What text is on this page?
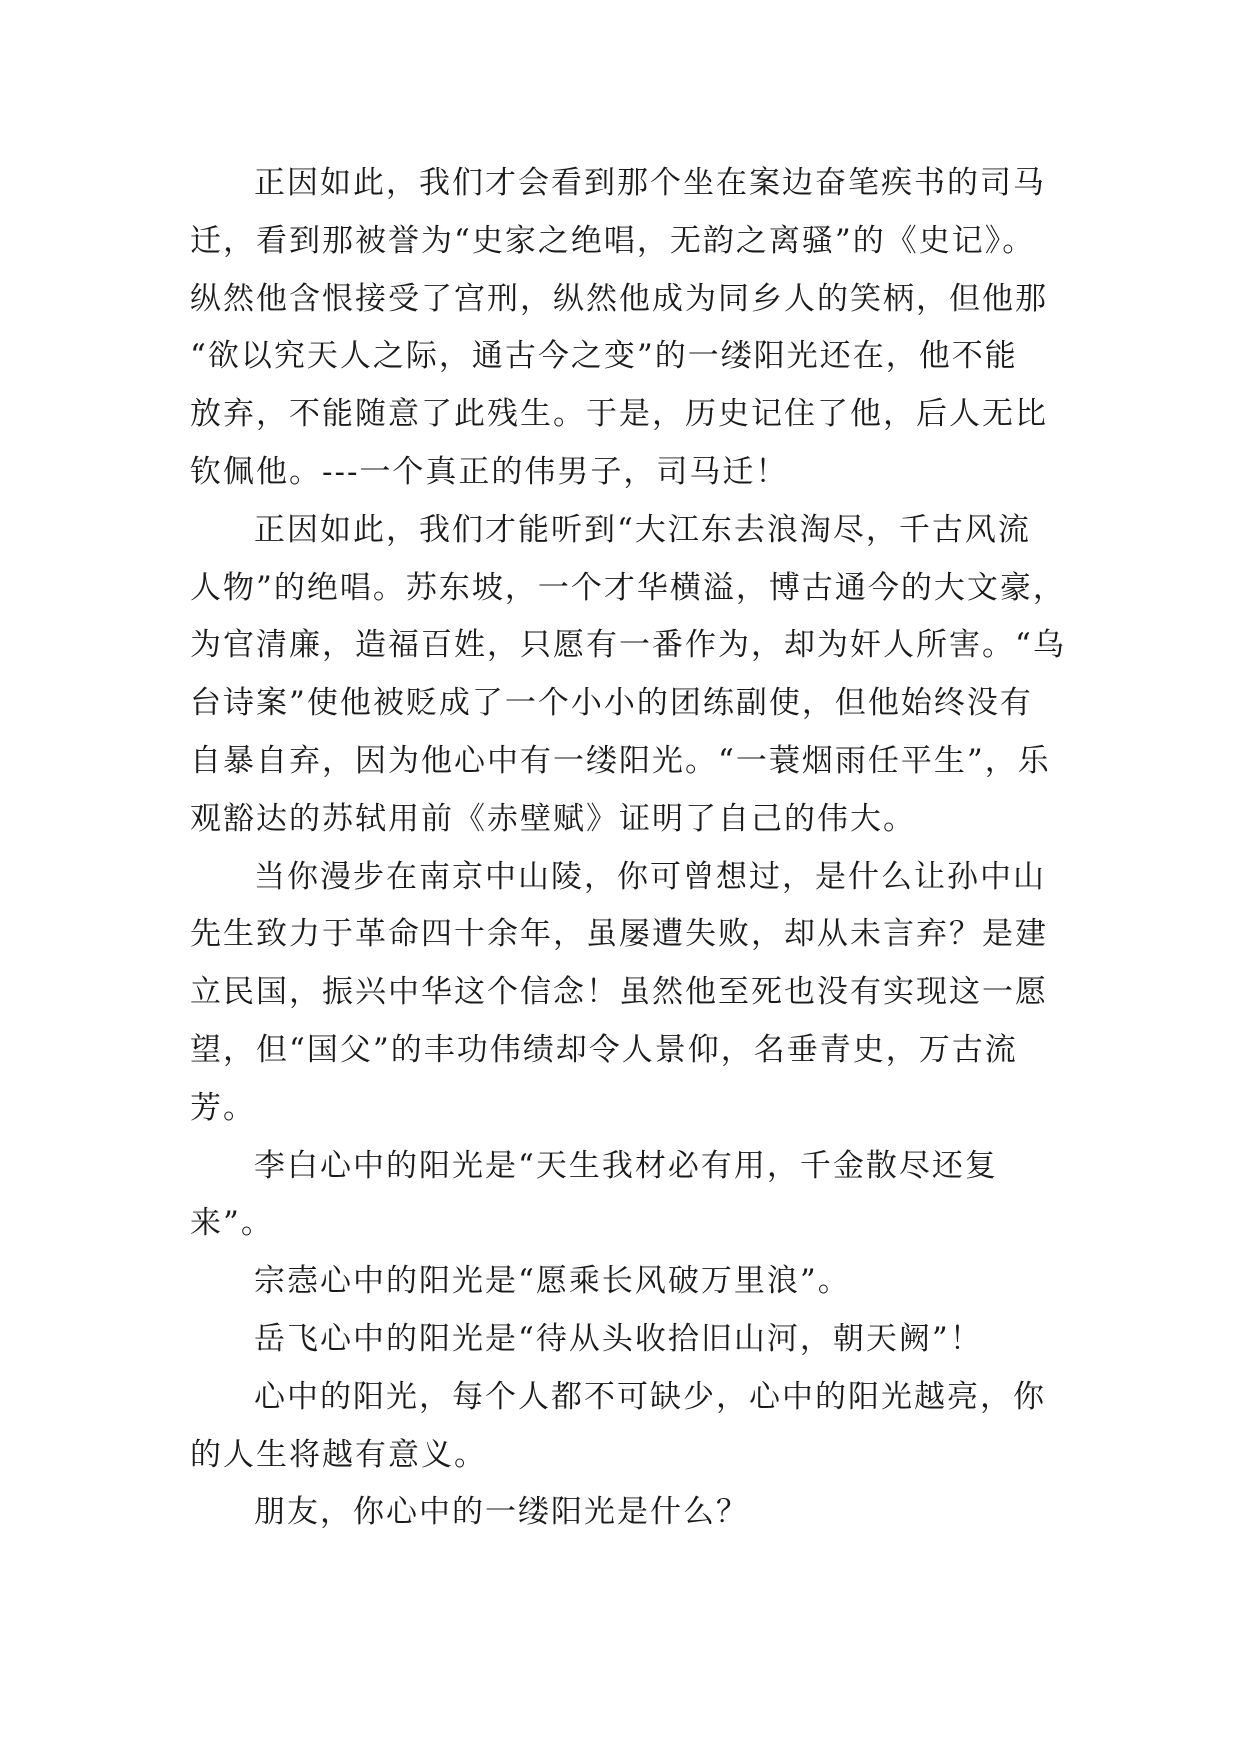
正因如此，我们才会看到那个坐在案边奋笔疾书的司马
迁，看到那被誉为“史家之绝唱，无韵之离骚”的《史记》。
纵然他含恨接受了宫刑，纵然他成为同乡人的笑柄，但他那
“欲以究天人之际，通古今之变”的一缕阳光还在，他不能
放弃，不能随意了此残生。于是，历史记住了他，后人无比
钦佩他。---一个真正的伟男子，司马迁！
正因如此，我们才能听到“大江东去浪淘尽，千古风流
人物”的绝唱。苏东坡，一个才华横溢，博古通今的大文豪，
为官清廉，造福百姓，只愿有一番作为，却为奸人所害。“乌
台诗案”使他被贬成了一个小小的团练副使，但他始终没有
自暴自弃，因为他心中有一缕阳光。“一蓑烟雨任平生”，乐
观豁达的苏轼用前《赤壁赋》证明了自己的伟大。
当你漫步在南京中山陵，你可曾想过，是什么让孙中山
先生致力于革命四十余年，虽屡遭失败，却从未言弃？是建
立民国，振兴中华这个信念！虽然他至死也没有实现这一愿
望，但“国父”的丰功伟绩却令人景仰，名垂青史，万古流
芳。
李白心中的阳光是“天生我材必有用，千金散尽还复
来”。
宗悫心中的阳光是“愿乘长风破万里浪”。
岳飞心中的阳光是“待从头收拾旧山河，朝天阙”！
心中的阳光，每个人都不可缺少，心中的阳光越亮，你
的人生将越有意义。
朋友，你心中的一缕阳光是什么？
